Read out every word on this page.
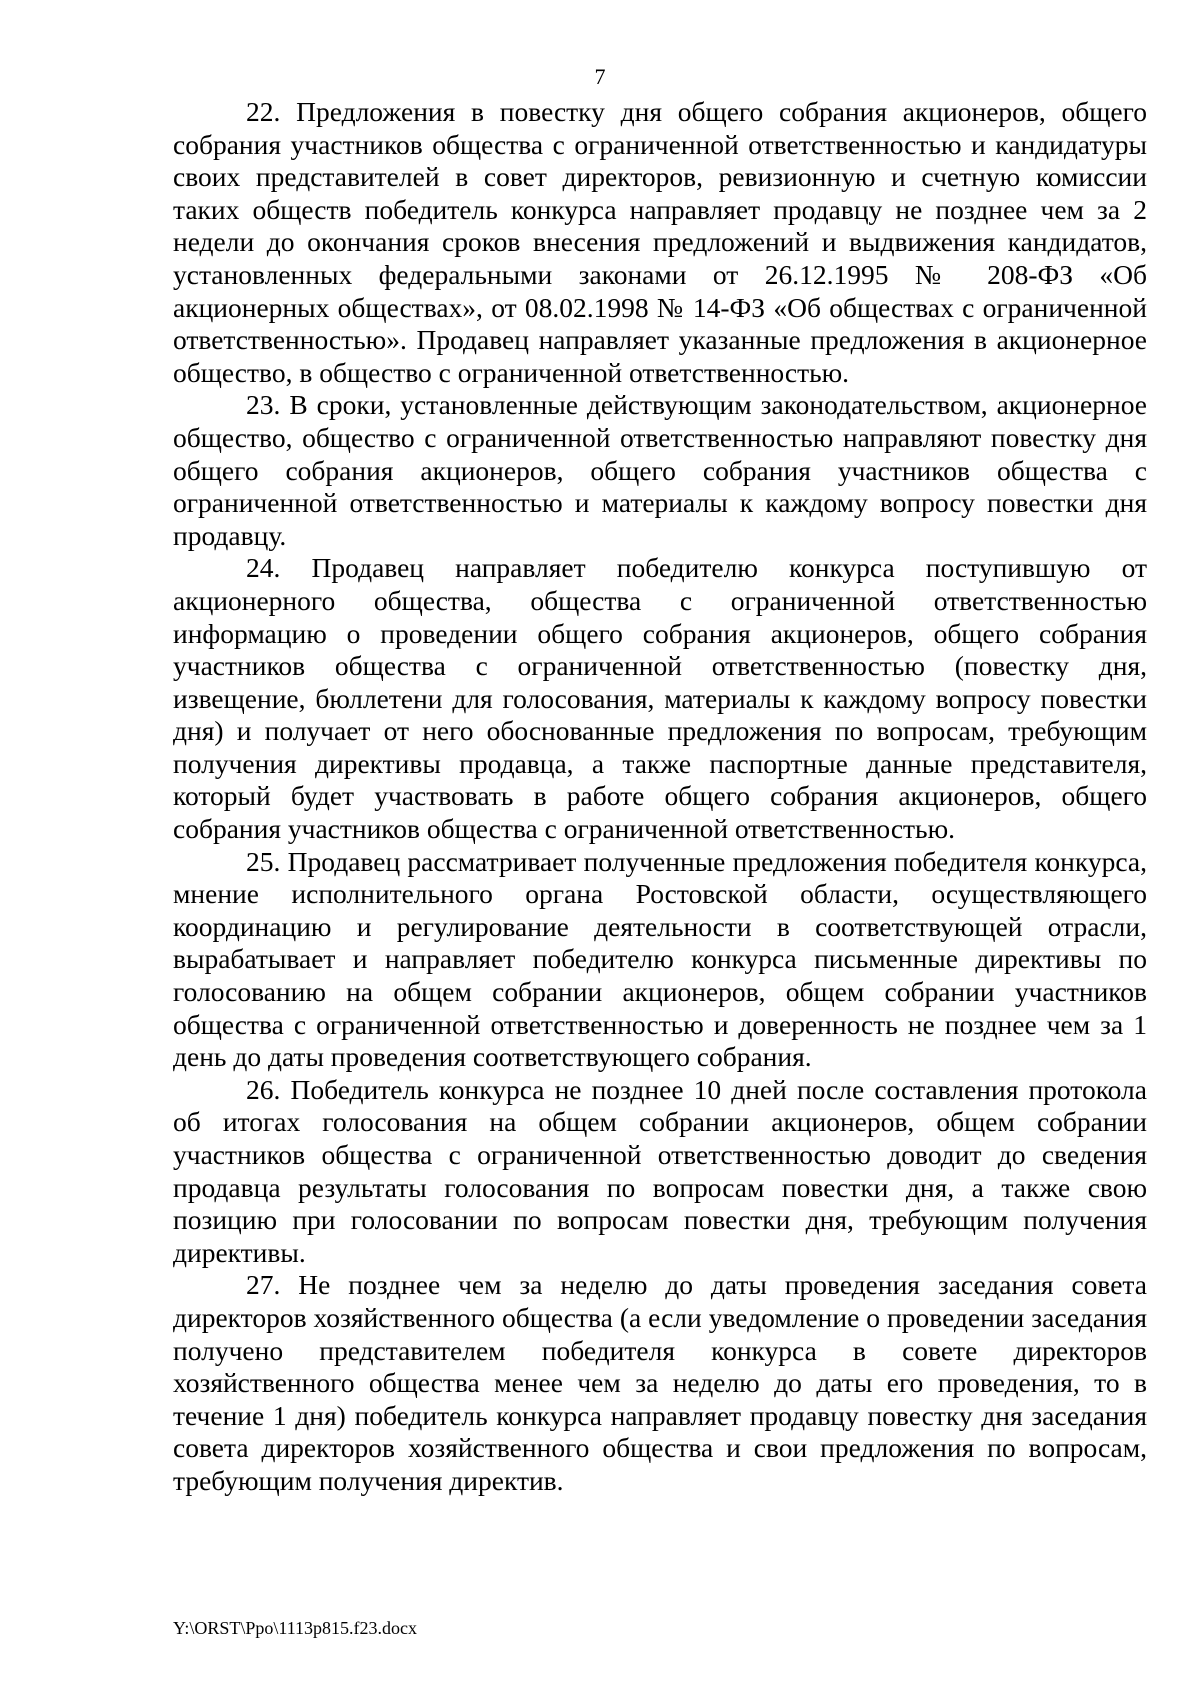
7

22. Предложения в повестку дня общего собрания акционеров, общего собрания участников общества с ограниченной ответственностью и кандидатуры своих представителей в совет директоров, ревизионную и счетную комиссии таких обществ победитель конкурса направляет продавцу не позднее чем за 2 недели до окончания сроков внесения предложений и выдвижения кандидатов, установленных федеральными законами от 26.12.1995 № 208-ФЗ «Об акционерных обществах», от 08.02.1998 № 14-ФЗ «Об обществах с ограниченной ответственностью». Продавец направляет указанные предложения в акционерное общество, в общество с ограниченной ответственностью.

23. В сроки, установленные действующим законодательством, акционерное общество, общество с ограниченной ответственностью направляют повестку дня общего собрания акционеров, общего собрания участников общества с ограниченной ответственностью и материалы к каждому вопросу повестки дня продавцу.

24. Продавец направляет победителю конкурса поступившую от акционерного общества, общества с ограниченной ответственностью информацию о проведении общего собрания акционеров, общего собрания участников общества с ограниченной ответственностью (повестку дня, извещение, бюллетени для голосования, материалы к каждому вопросу повестки дня) и получает от него обоснованные предложения по вопросам, требующим получения директивы продавца, а также паспортные данные представителя, который будет участвовать в работе общего собрания акционеров, общего собрания участников общества с ограниченной ответственностью.

25. Продавец рассматривает полученные предложения победителя конкурса, мнение исполнительного органа Ростовской области, осуществляющего координацию и регулирование деятельности в соответствующей отрасли, вырабатывает и направляет победителю конкурса письменные директивы по голосованию на общем собрании акционеров, общем собрании участников общества с ограниченной ответственностью и доверенность не позднее чем за 1 день до даты проведения соответствующего собрания.

26. Победитель конкурса не позднее 10 дней после составления протокола об итогах голосования на общем собрании акционеров, общем собрании участников общества с ограниченной ответственностью доводит до сведения продавца результаты голосования по вопросам повестки дня, а также свою позицию при голосовании по вопросам повестки дня, требующим получения директивы.

27. Не позднее чем за неделю до даты проведения заседания совета директоров хозяйственного общества (а если уведомление о проведении заседания получено представителем победителя конкурса в совете директоров хозяйственного общества менее чем за неделю до даты его проведения, то в течение 1 дня) победитель конкурса направляет продавцу повестку дня заседания совета директоров хозяйственного общества и свои предложения по вопросам, требующим получения директив.

Y:\ORST\Ppo\1113p815.f23.docx
